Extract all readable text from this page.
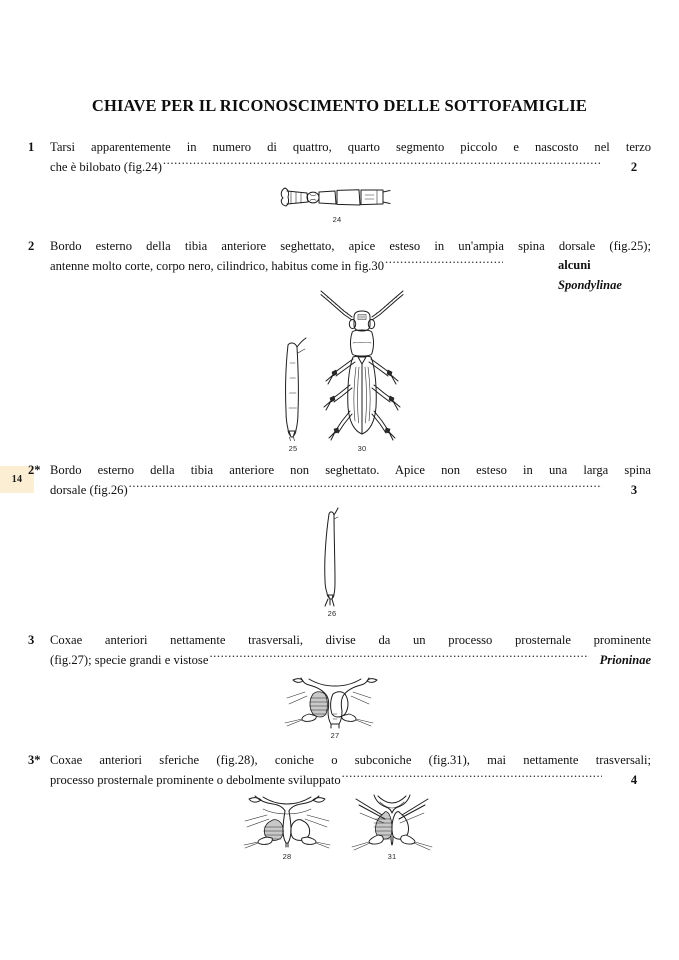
14
CHIAVE PER IL RICONOSCIMENTO DELLE SOTTOFAMIGLIE
1	Tarsi apparentemente in numero di quattro, quarto segmento piccolo e nascosto nel terzo
che è bilobato (fig.24) .....	2
24
2	Bordo esterno della tibia anteriore seghettato, apice esteso in un'ampia spina dorsale (fig.25);
antenne molto corte, corpo nero, cilindrico, habitus come in fig.30 .....	alcuni
Spondylinae
25	30
2* Bordo esterno della tibia anteriore non seghettato. Apice non esteso in una larga spina
dorsale (fig.26) .....	3
26
3	Coxae anteriori nettamente trasversali, divise da un processo prosternale prominente
(fig.27); specie grandi e vistose .....	Prioninae
27
3* Coxae anteriori sferiche (fig.28), coniche o subconiche (fig.31), mai nettamente trasversali;
processo prosternale prominente o debolmente sviluppato .....	4
28	31
